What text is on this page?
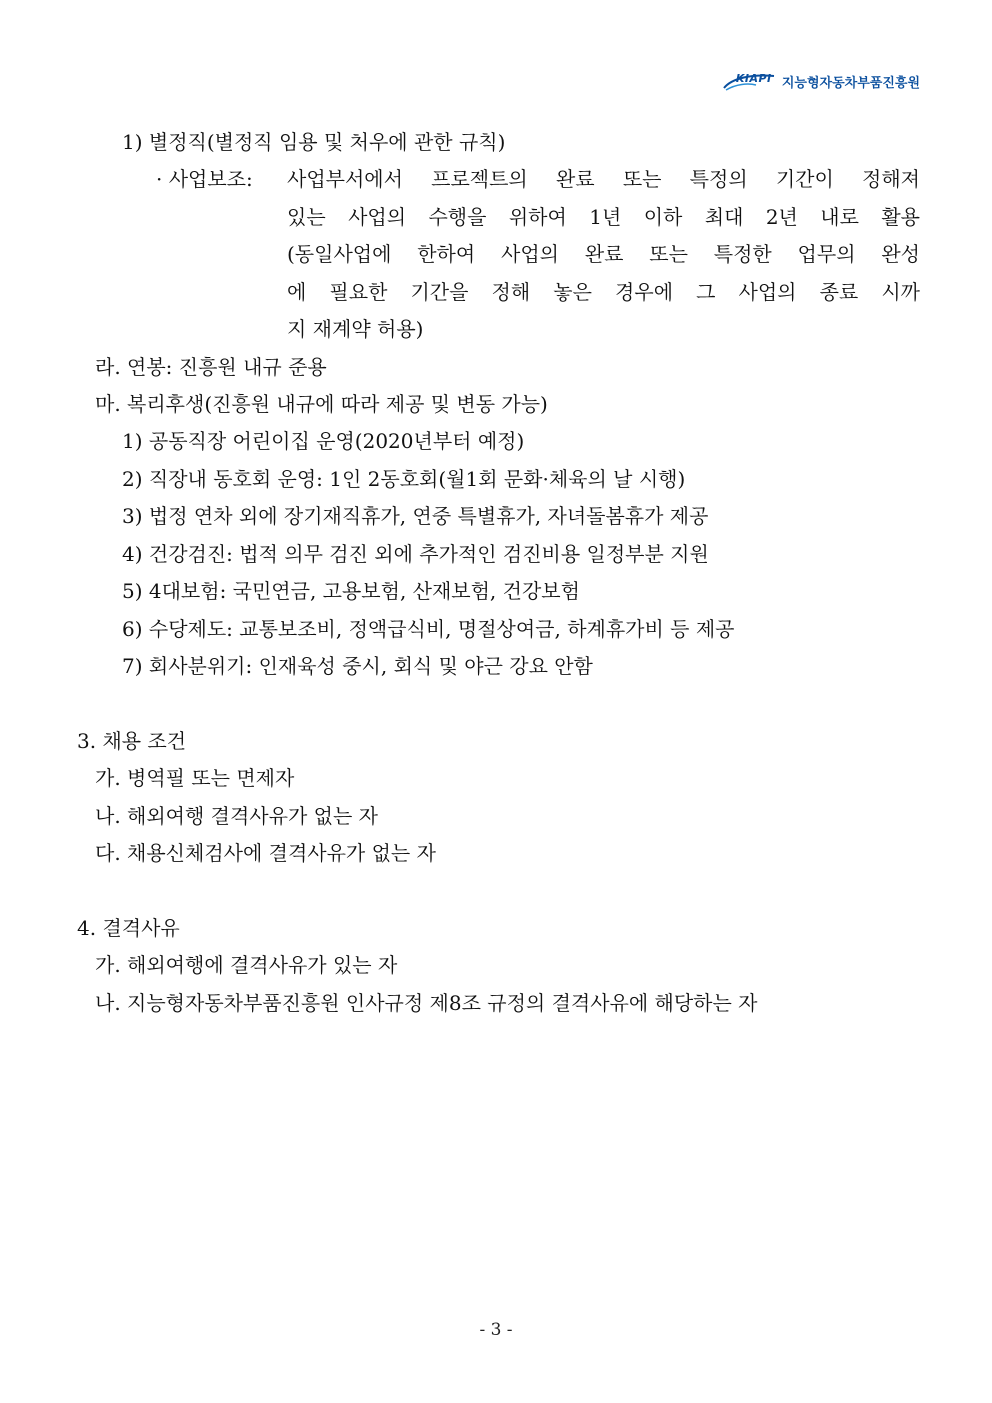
KIAPI 지능형자동차부품진흥원
1) 별정직(별정직 임용 및 처우에 관한 규칙)
· 사업보조: 사업부서에서 프로젝트의 완료 또는 특정의 기간이 정해져
있는 사업의 수행을 위하여 1년 이하 최대 2년 내로 활용
(동일사업에 한하여 사업의 완료 또는 특정한 업무의 완성
에 필요한 기간을 정해 놓은 경우에 그 사업의 종료 시까
지 재계약 허용)
라. 연봉: 진흥원 내규 준용
마. 복리후생(진흥원 내규에 따라 제공 및 변동 가능)
1) 공동직장 어린이집 운영(2020년부터 예정)
2) 직장내 동호회 운영: 1인 2동호회(월1회 문화·체육의 날 시행)
3) 법정 연차 외에 장기재직휴가, 연중 특별휴가, 자녀돌봄휴가 제공
4) 건강검진: 법적 의무 검진 외에 추가적인 검진비용 일정부분 지원
5) 4대보험: 국민연금, 고용보험, 산재보험, 건강보험
6) 수당제도: 교통보조비, 정액급식비, 명절상여금, 하계휴가비 등 제공
7) 회사분위기: 인재육성 중시, 회식 및 야근 강요 안함
3. 채용 조건
가. 병역필 또는 면제자
나. 해외여행 결격사유가 없는 자
다. 채용신체검사에 결격사유가 없는 자
4. 결격사유
가. 해외여행에 결격사유가 있는 자
나. 지능형자동차부품진흥원 인사규정 제8조 규정의 결격사유에 해당하는 자
- 3 -
